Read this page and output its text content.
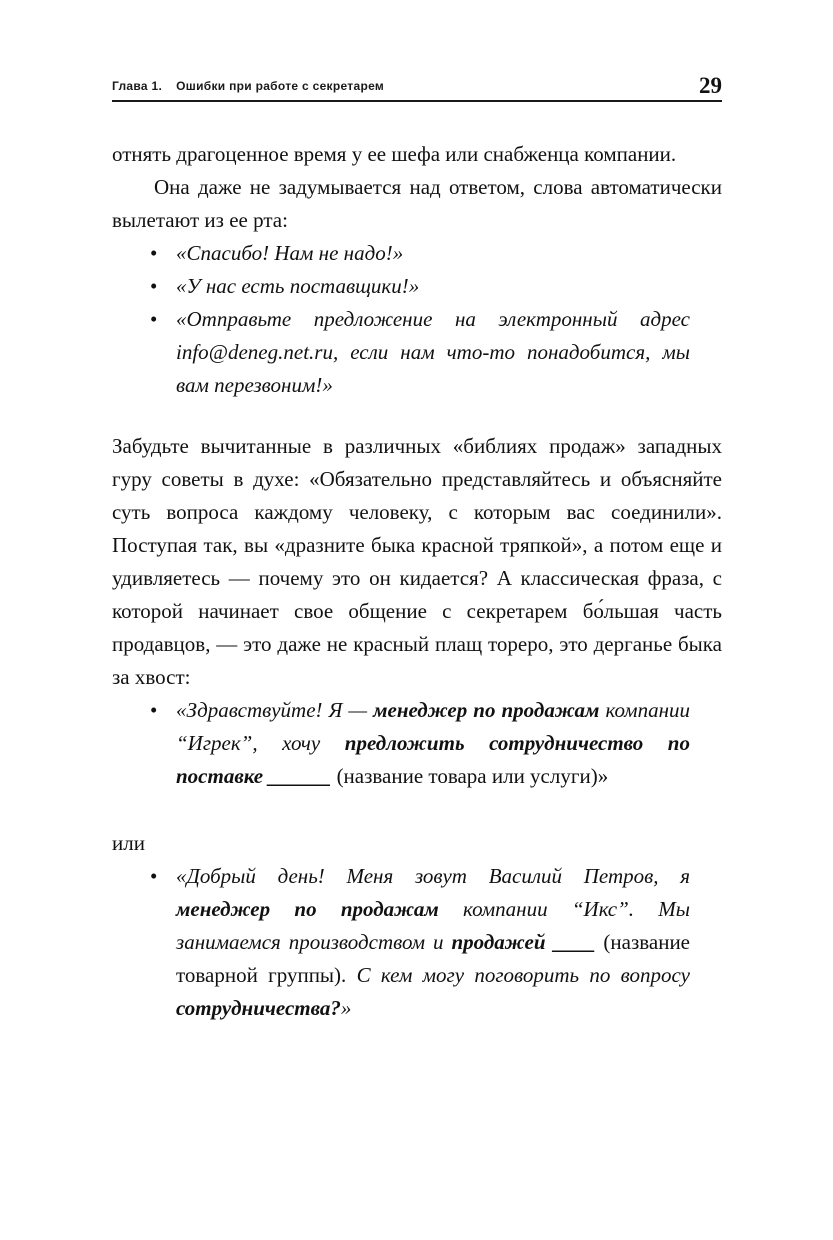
Глава 1. Ошибки при работе с секретарем	29

отнять драгоценное время у ее шефа или снабженца компании.

Она даже не задумывается над ответом, слова автоматически вылетают из ее рта:

• «Спасибо! Нам не надо!»
• «У нас есть поставщики!»
• «Отправьте предложение на электронный адрес info@deneg.net.ru, если нам что-то понадобится, мы вам перезвоним!»

Забудьте вычитанные в различных «библиях продаж» западных гуру советы в духе: «Обязательно представляйтесь и объясняйте суть вопроса каждому человеку, с которым вас соединили». Поступая так, вы «дразните быка красной тряпкой», а потом еще и удивляетесь — почему это он кидается? А классическая фраза, с которой начинает свое общение с секретарем бо́льшая часть продавцов, — это даже не красный плащ тореро, это дерганье быка за хвост:

• «Здравствуйте! Я — менеджер по продажам компании “Игрек”, хочу предложить сотрудничество по поставке ______ (название товара или услуги)»

или

• «Добрый день! Меня зовут Василий Петров, я менеджер по продажам компании “Икс”. Мы занимаемся производством и продажей ____ (название товарной группы). С кем могу поговорить по вопросу сотрудничества?»
